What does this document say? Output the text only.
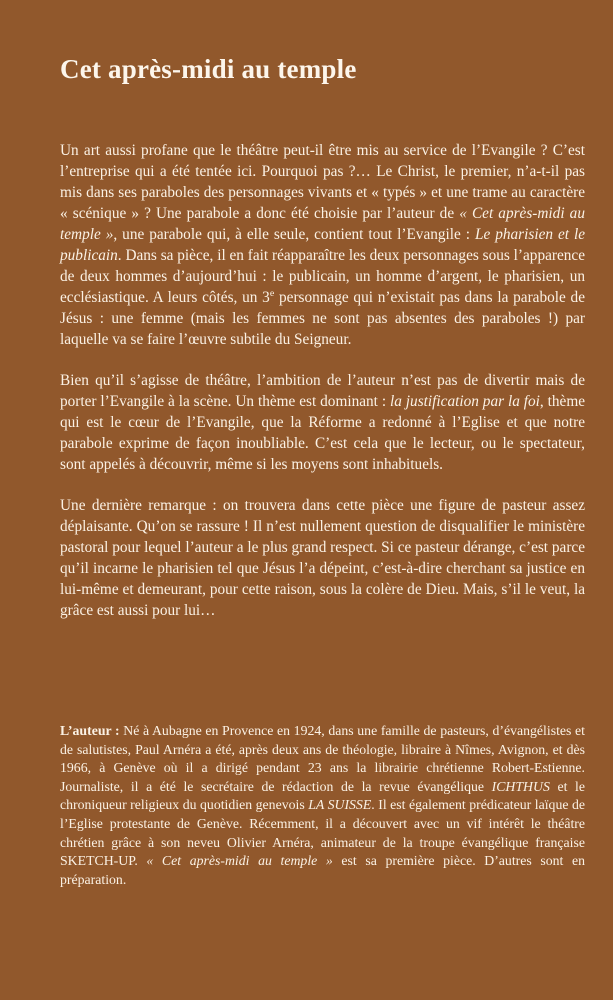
Cet après-midi au temple

Un art aussi profane que le théâtre peut-il être mis au service de l’Evangile ? C’est l’entreprise qui a été tentée ici. Pourquoi pas ?… Le Christ, le premier, n’a-t-il pas mis dans ses paraboles des personnages vivants et « typés » et une trame au caractère « scénique » ? Une parabole a donc été choisie par l’auteur de « Cet après-midi au temple », une parabole qui, à elle seule, contient tout l’Evangile : Le pharisien et le publicain. Dans sa pièce, il en fait réapparaître les deux personnages sous l’apparence de deux hommes d’aujourd’hui : le publicain, un homme d’argent, le pharisien, un ecclésiastique. A leurs côtés, un 3e personnage qui n’existait pas dans la parabole de Jésus : une femme (mais les femmes ne sont pas absentes des paraboles !) par laquelle va se faire l’œuvre subtile du Seigneur.

Bien qu’il s’agisse de théâtre, l’ambition de l’auteur n’est pas de divertir mais de porter l’Evangile à la scène. Un thème est dominant : la justification par la foi, thème qui est le cœur de l’Evangile, que la Réforme a redonné à l’Eglise et que notre parabole exprime de façon inoubliable. C’est cela que le lecteur, ou le spectateur, sont appelés à découvrir, même si les moyens sont inhabituels.

Une dernière remarque : on trouvera dans cette pièce une figure de pasteur assez déplaisante. Qu’on se rassure ! Il n’est nullement question de disqualifier le ministère pastoral pour lequel l’auteur a le plus grand respect. Si ce pasteur dérange, c’est parce qu’il incarne le pharisien tel que Jésus l’a dépeint, c’est-à-dire cherchant sa justice en lui-même et demeurant, pour cette raison, sous la colère de Dieu. Mais, s’il le veut, la grâce est aussi pour lui…

L’auteur : Né à Aubagne en Provence en 1924, dans une famille de pasteurs, d’évangélistes et de salutistes, Paul Arnéra a été, après deux ans de théologie, libraire à Nîmes, Avignon, et dès 1966, à Genève où il a dirigé pendant 23 ans la librairie chrétienne Robert-Estienne. Journaliste, il a été le secrétaire de rédaction de la revue évangélique ICHTHUS et le chroniqueur religieux du quotidien genevois LA SUISSE. Il est également prédicateur laïque de l’Eglise protestante de Genève. Récemment, il a découvert avec un vif intérêt le théâtre chrétien grâce à son neveu Olivier Arnéra, animateur de la troupe évangélique française SKETCH-UP. « Cet après-midi au temple » est sa première pièce. D’autres sont en préparation.
